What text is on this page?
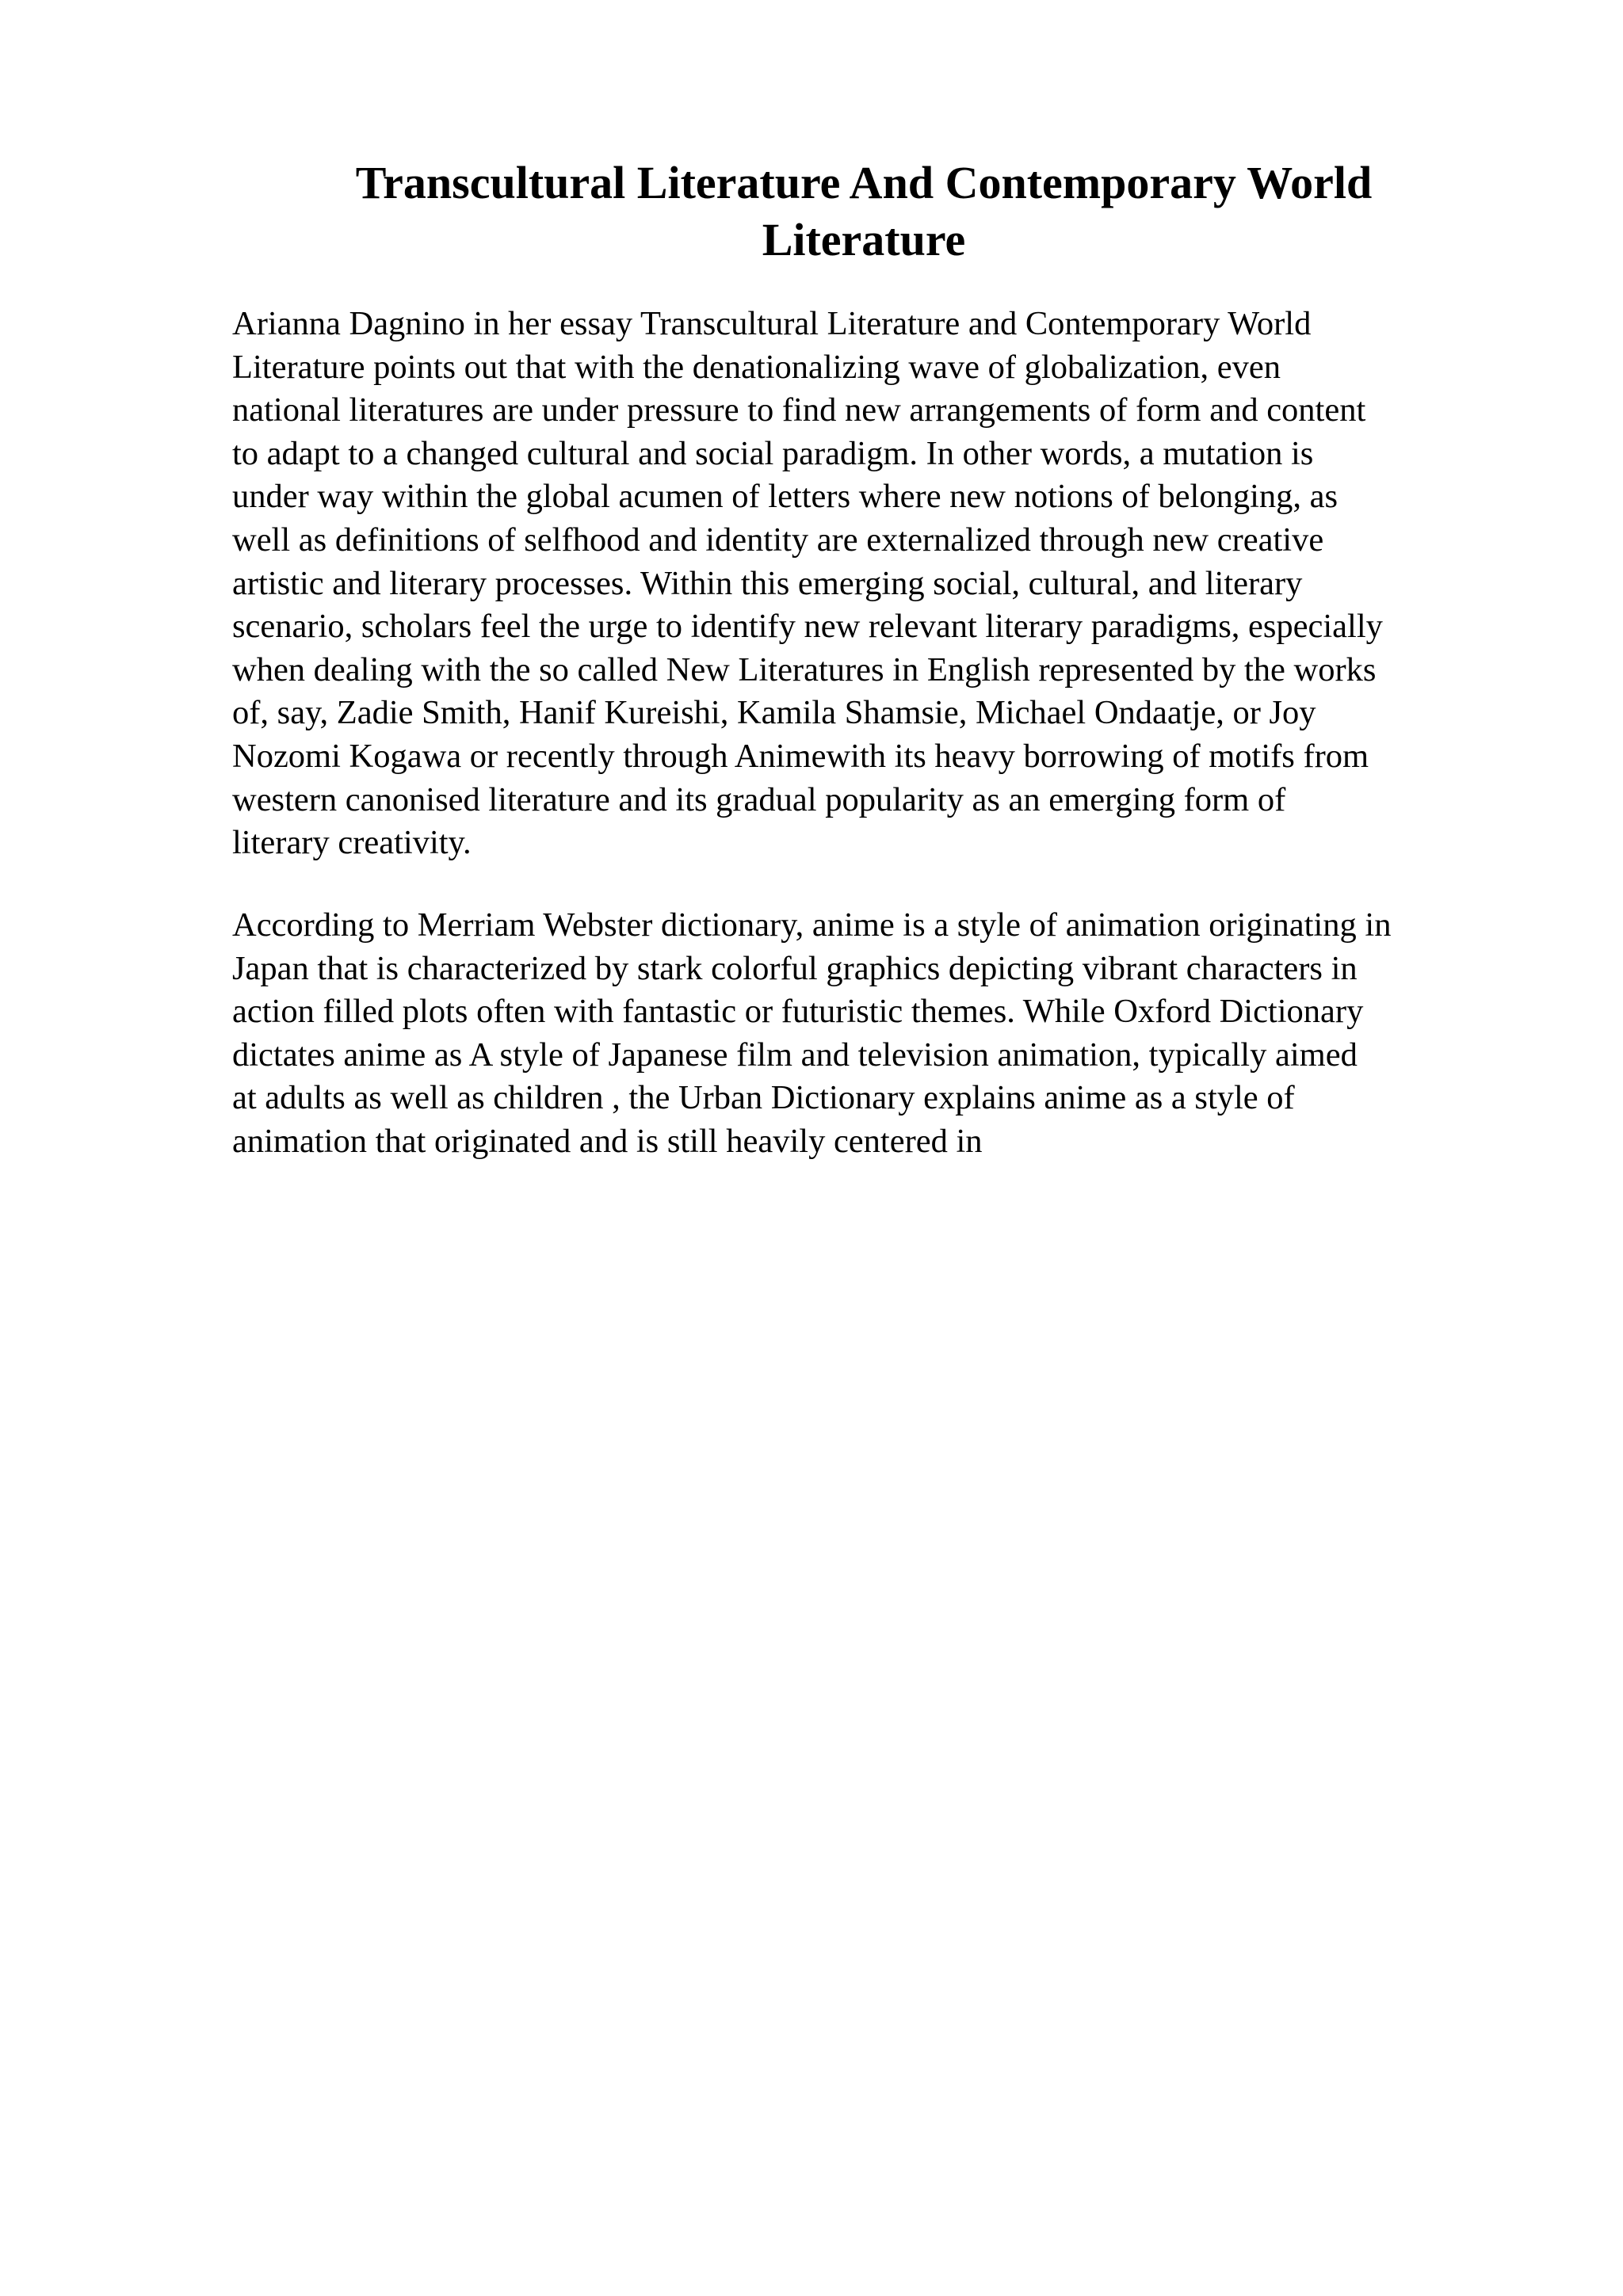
Transcultural Literature And Contemporary World
Literature

Arianna Dagnino in her essay Transcultural Literature and Contemporary World
Literature points out that with the denationalizing wave of globalization, even
national literatures are under pressure to find new arrangements of form and content
to adapt to a changed cultural and social paradigm. In other words, a mutation is
under way within the global acumen of letters where new notions of belonging, as
well as definitions of selfhood and identity are externalized through new creative
artistic and literary processes. Within this emerging social, cultural, and literary
scenario, scholars feel the urge to identify new relevant literary paradigms, especially
when dealing with the so called New Literatures in English represented by the works
of, say, Zadie Smith, Hanif Kureishi, Kamila Shamsie, Michael Ondaatje, or Joy
Nozomi Kogawa or recently through Animewith its heavy borrowing of motifs from
western canonised literature and its gradual popularity as an emerging form of
literary creativity.

According to Merriam Webster dictionary, anime is a style of animation originating in
Japan that is characterized by stark colorful graphics depicting vibrant characters in
action filled plots often with fantastic or futuristic themes. While Oxford Dictionary
dictates anime as A style of Japanese film and television animation, typically aimed
at adults as well as children , the Urban Dictionary explains anime as a style of
animation that originated and is still heavily centered in
